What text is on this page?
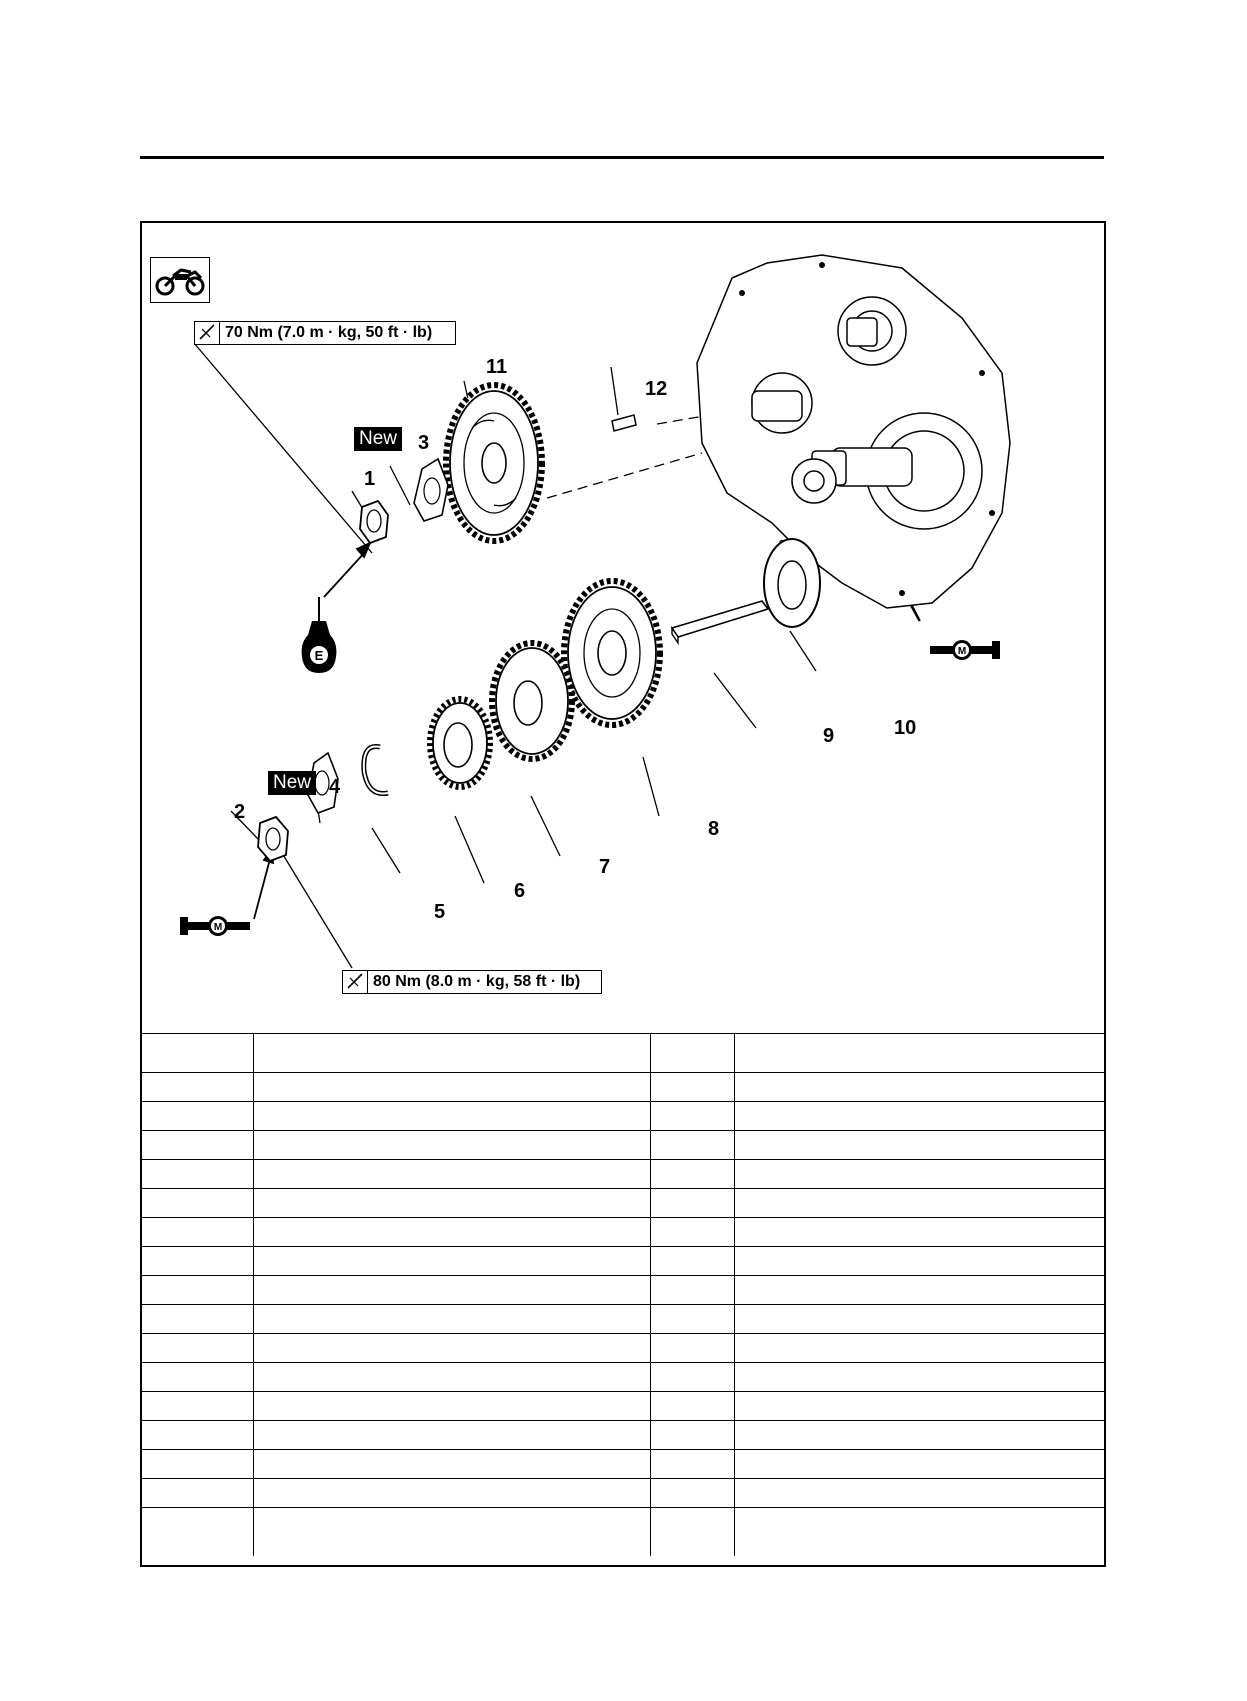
E
M
M
70 Nm (7.0 m · kg, 50 ft · lb)
80 Nm (8.0 m · kg, 58 ft · lb)
New
New
1
2
3
4
5
6
7
8
9	10
11
12
